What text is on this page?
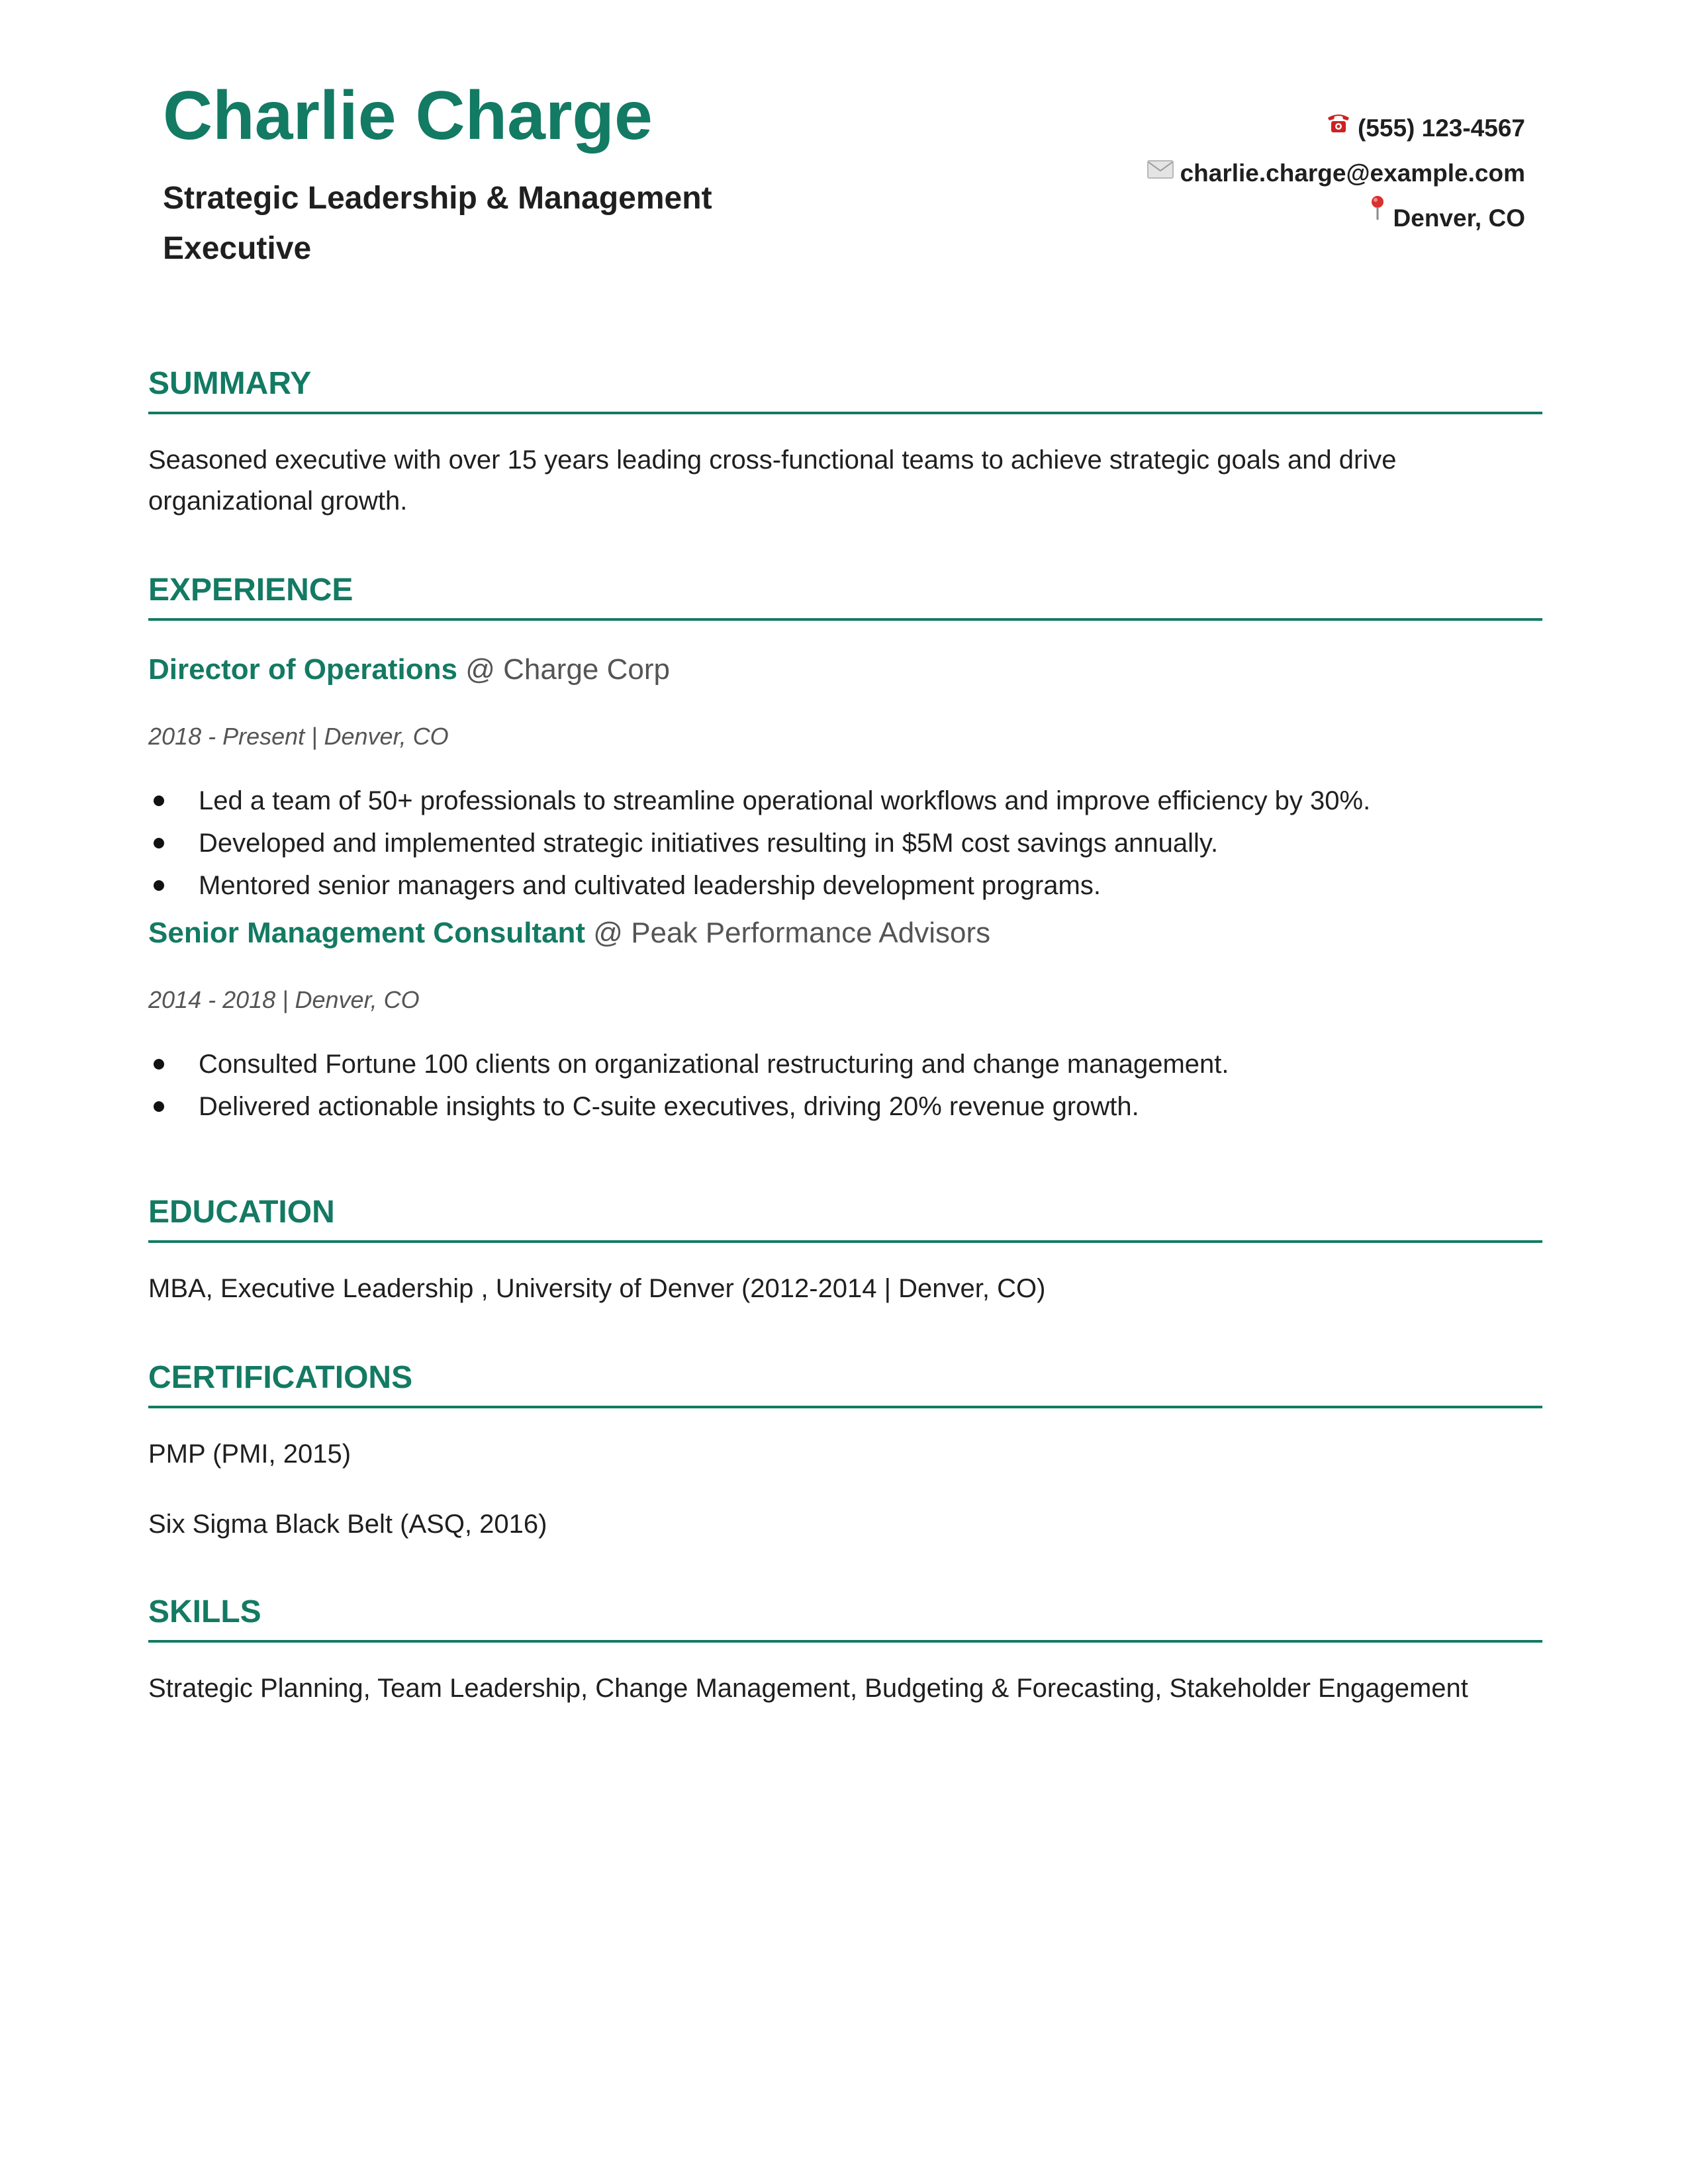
Charlie Charge
Strategic Leadership & Management
Executive
(555) 123-4567
charlie.charge@example.com
Denver, CO
SUMMARY

Seasoned executive with over 15 years leading cross-functional teams to achieve strategic goals and drive

organizational growth.

EXPERIENCE
Director of Operations @ Charge Corp
2018 - Present | Denver, CO
Led a team of 50+ professionals to streamline operational workflows and improve efficiency by 30%.
Developed and implemented strategic initiatives resulting in $5M cost savings annually.
Mentored senior managers and cultivated leadership development programs.
Senior Management Consultant @ Peak Performance Advisors
2014 - 2018 | Denver, CO
Consulted Fortune 100 clients on organizational restructuring and change management.
Delivered actionable insights to C-suite executives, driving 20% revenue growth.
EDUCATION

MBA, Executive Leadership , University of Denver (2012-2014 | Denver, CO)

CERTIFICATIONS

PMP (PMI, 2015)

Six Sigma Black Belt (ASQ, 2016)

SKILLS

Strategic Planning, Team Leadership, Change Management, Budgeting & Forecasting, Stakeholder Engagement
